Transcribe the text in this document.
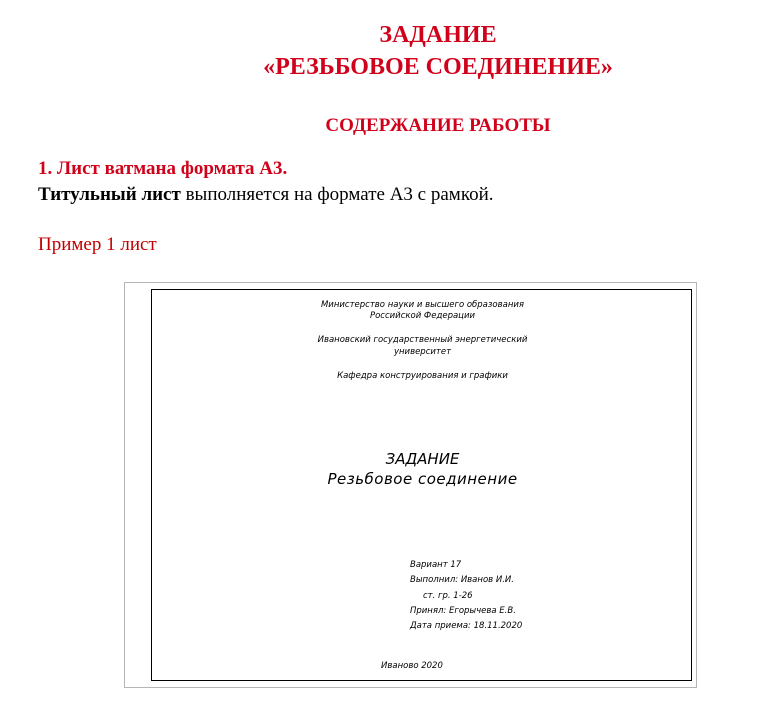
ЗАДАНИЕ
«РЕЗЬБОВОЕ СОЕДИНЕНИЕ»
СОДЕРЖАНИЕ РАБОТЫ
1. Лист ватмана формата А3.
Титульный лист выполняется на формате А3 с рамкой.
Пример 1 лист
Министерство науки и высшего образования
Российской Федерации
Ивановский государственный энергетический
университет
Кафедра конструирования и графики
ЗАДАНИЕ
Резьбовое соединение
Вариант 17
Выполнил: Иванов И.И.
ст. гр. 1-26
Принял: Егорычева Е.В.
Дата приема: 18.11.2020
Иваново 2020
